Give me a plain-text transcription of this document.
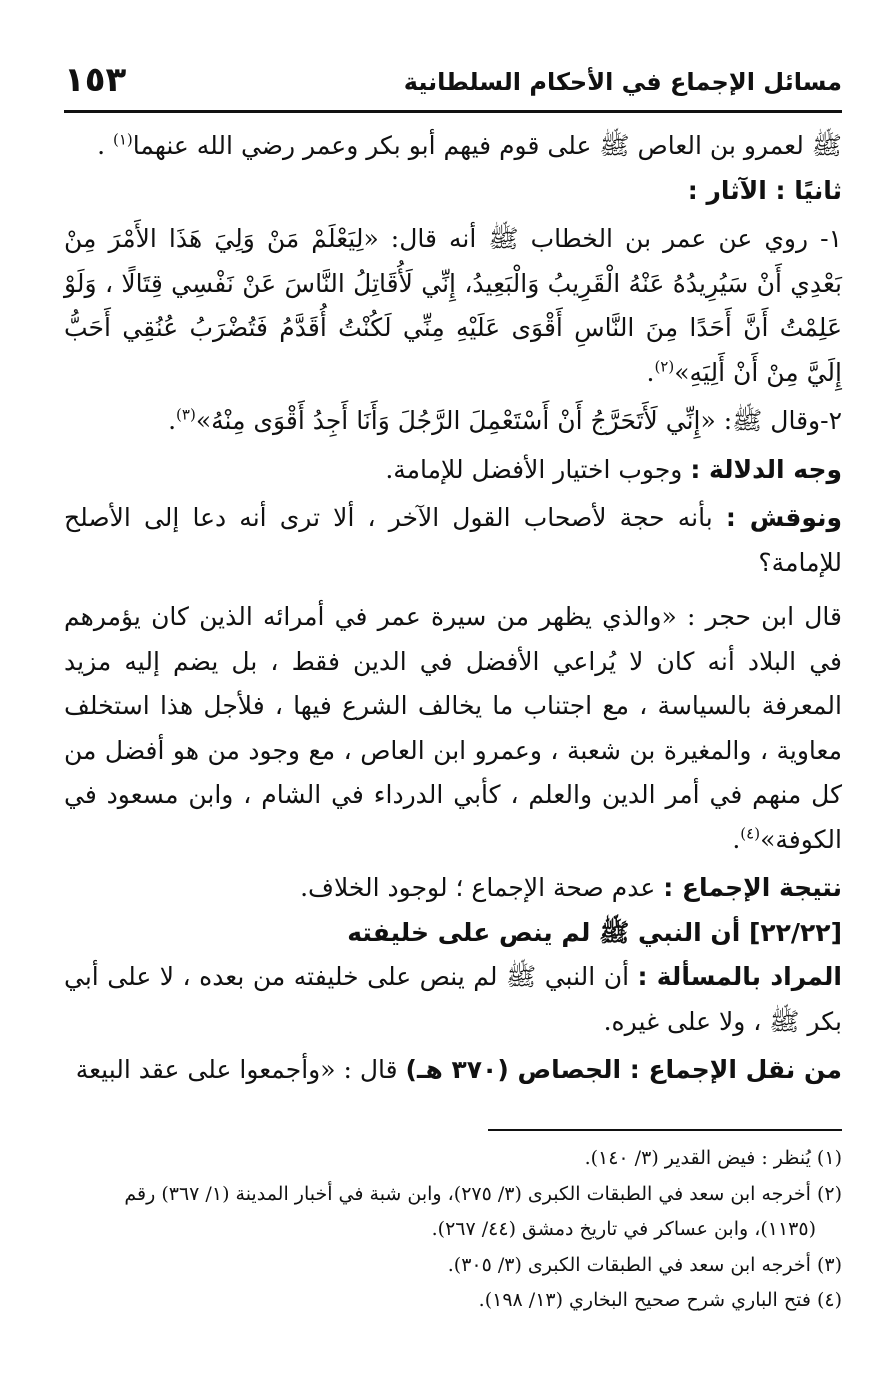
مسائل الإجماع في الأحكام السلطانية
١٥٣

ﷺ لعمرو بن العاص ﷺ على قوم فيهم أبو بكر وعمر رضي الله عنهما$^{(١)}$ .

ثانيًا : الآثار :

١- روي عن عمر بن الخطاب ﷺ أنه قال: «لِيَعْلَمْ مَنْ وَلِيَ هَذَا الأَمْرَ مِنْ بَعْدِي أَنْ سَيُرِيدُهُ عَنْهُ الْقَرِيبُ وَالْبَعِيدُ، إِنِّي لَأُقَاتِلُ النَّاسَ عَنْ نَفْسِي قِتَالًا ، وَلَوْ عَلِمْتُ أَنَّ أَحَدًا مِنَ النَّاسِ أَقْوَى عَلَيْهِ مِنِّي لَكُنْتُ أُقَدَّمُ فَتُضْرَبُ عُنُقِي أَحَبُّ إِلَيَّ مِنْ أَنْ أَلِيَهِ»$^{(٢)}$.

٢-وقال ﷺ: «إِنِّي لَأَتَحَرَّجُ أَنْ أَسْتَعْمِلَ الرَّجُلَ وَأَنَا أَجِدُ أَقْوَى مِنْهُ»$^{(٣)}$.

وجه الدلالة : وجوب اختيار الأفضل للإمامة.

ونوقش : بأنه حجة لأصحاب القول الآخر ، ألا ترى أنه دعا إلى الأصلح للإمامة؟

قال ابن حجر : «والذي يظهر من سيرة عمر في أمرائه الذين كان يؤمرهم في البلاد أنه كان لا يُراعي الأفضل في الدين فقط ، بل يضم إليه مزيد المعرفة بالسياسة ، مع اجتناب ما يخالف الشرع فيها ، فلأجل هذا استخلف معاوية ، والمغيرة بن شعبة ، وعمرو ابن العاص ، مع وجود من هو أفضل من كل منهم في أمر الدين والعلم ، كأبي الدرداء في الشام ، وابن مسعود في الكوفة»$^{(٤)}$.

نتيجة الإجماع : عدم صحة الإجماع ؛ لوجود الخلاف.

[٢٢/٢٢] أن النبي ﷺ لم ينص على خليفته

المراد بالمسألة : أن النبي ﷺ لم ينص على خليفته من بعده ، لا على أبي بكر ﷺ ، ولا على غيره.

من نقل الإجماع : الجصاص (٣٧٠ هـ) قال : «وأجمعوا على عقد البيعة

(١) يُنظر : فيض القدير (٣/ ١٤٠).

(٢) أخرجه ابن سعد في الطبقات الكبرى (٣/ ٢٧٥)، وابن شبة في أخبار المدينة (١/ ٣٦٧) رقم

(١١٣٥)، وابن عساكر في تاريخ دمشق (٤٤/ ٢٦٧).

(٣) أخرجه ابن سعد في الطبقات الكبرى (٣/ ٣٠٥).

(٤) فتح الباري شرح صحيح البخاري (١٣/ ١٩٨).
